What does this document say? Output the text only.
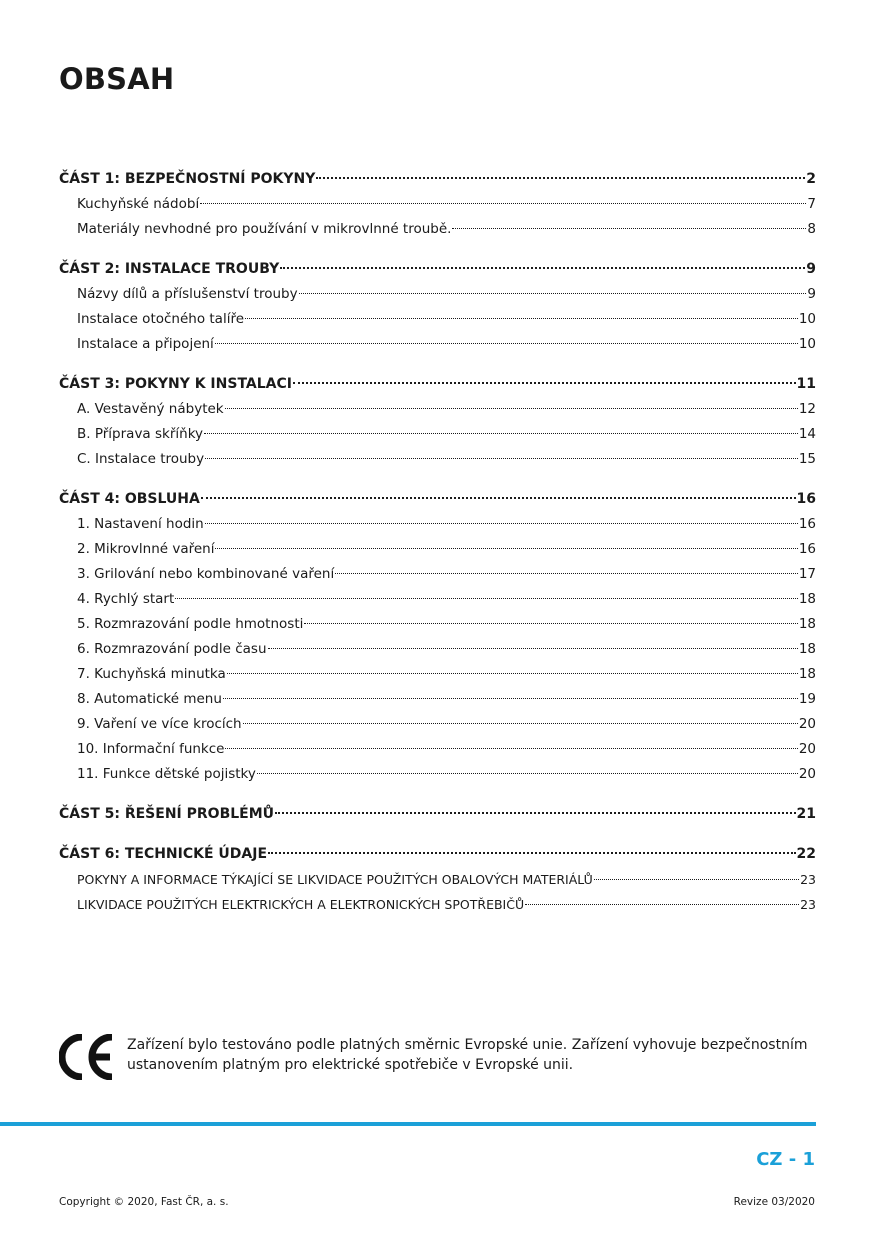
OBSAH
ČÁST 1: BEZPEČNOSTNÍ POKYNY	2
Kuchyňské nádobí	7
Materiály nevhodné pro používání v mikrovlnné troubě.	8
ČÁST 2: INSTALACE TROUBY	9
Názvy dílů a příslušenství trouby	9
Instalace otočného talíře	10
Instalace a připojení	10
ČÁST 3: POKYNY K INSTALACI	11
A. Vestavěný nábytek	12
B. Příprava skříňky	14
C. Instalace trouby	15
ČÁST 4: OBSLUHA	16
1. Nastavení hodin	16
2. Mikrovlnné vaření	16
3. Grilování nebo kombinované vaření	17
4. Rychlý start	18
5. Rozmrazování podle hmotnosti	18
6. Rozmrazování podle času	18
7. Kuchyňská minutka	18
8. Automatické menu	19
9. Vaření ve více krocích	20
10. Informační funkce	20
11. Funkce dětské pojistky	20
ČÁST 5: ŘEŠENÍ PROBLÉMŮ	21
ČÁST 6: TECHNICKÉ ÚDAJE	22
POKYNY A INFORMACE TÝKAJÍCÍ SE LIKVIDACE POUŽITÝCH OBALOVÝCH MATERIÁLŮ	23
LIKVIDACE POUŽITÝCH ELEKTRICKÝCH A ELEKTRONICKÝCH SPOTŘEBIČŮ	23
Zařízení bylo testováno podle platných směrnic Evropské unie. Zařízení vyhovuje bezpečnostním ustanovením platným pro elektrické spotřebiče v Evropské unii.
CZ - 1
Copyright © 2020, Fast ČR, a. s.	Revize 03/2020
